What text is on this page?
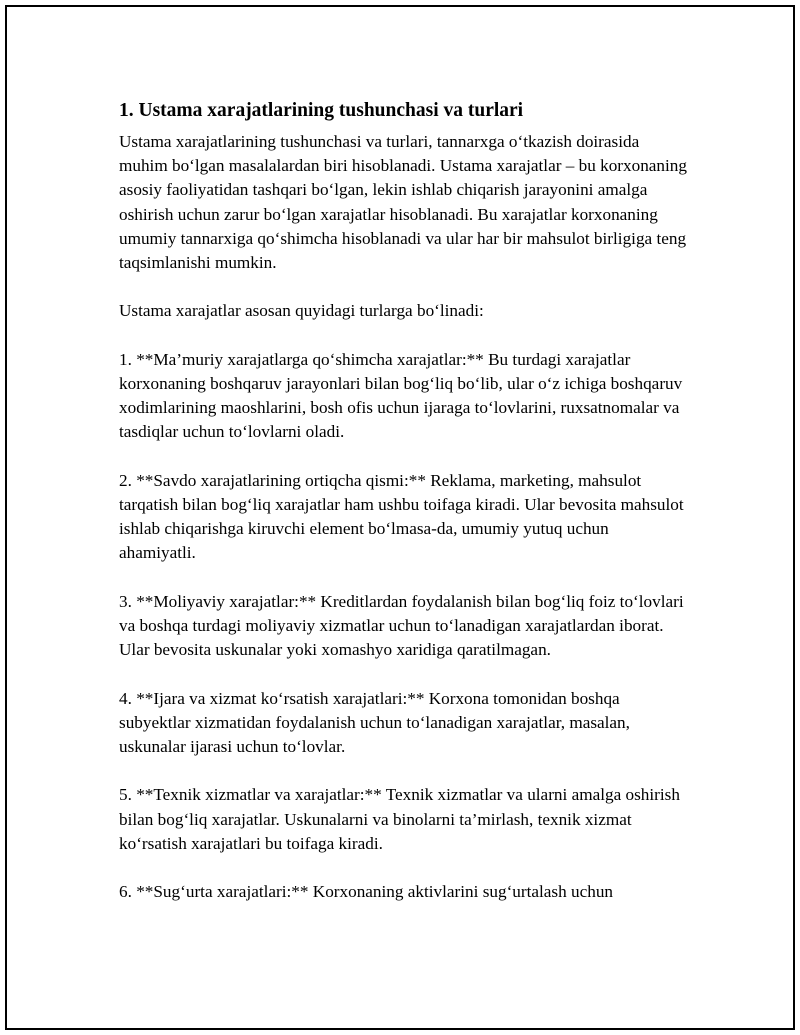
1. Ustama xarajatlarining tushunchasi va turlari

Ustama xarajatlarining tushunchasi va turlari, tannarxga o‘tkazish doirasida muhim bo‘lgan masalalardan biri hisoblanadi. Ustama xarajatlar – bu korxonaning asosiy faoliyatidan tashqari bo‘lgan, lekin ishlab chiqarish jarayonini amalga oshirish uchun zarur bo‘lgan xarajatlar hisoblanadi. Bu xarajatlar korxonaning umumiy tannarxiga qo‘shimcha hisoblanadi va ular har bir mahsulot birligiga teng taqsimlanishi mumkin.

Ustama xarajatlar asosan quyidagi turlarga bo‘linadi:

1. **Ma’muriy xarajatlarga qo‘shimcha xarajatlar:** Bu turdagi xarajatlar korxonaning boshqaruv jarayonlari bilan bog‘liq bo‘lib, ular o‘z ichiga boshqaruv xodimlarining maoshlarini, bosh ofis uchun ijaraga to‘lovlarini, ruxsatnomalar va tasdiqlar uchun to‘lovlarni oladi.

2. **Savdo xarajatlarining ortiqcha qismi:** Reklama, marketing, mahsulot tarqatish bilan bog‘liq xarajatlar ham ushbu toifaga kiradi. Ular bevosita mahsulot ishlab chiqarishga kiruvchi element bo‘lmasa-da, umumiy yutuq uchun ahamiyatli.

3. **Moliyaviy xarajatlar:** Kreditlardan foydalanish bilan bog‘liq foiz to‘lovlari va boshqa turdagi moliyaviy xizmatlar uchun to‘lanadigan xarajatlardan iborat. Ular bevosita uskunalar yoki xomashyo xaridiga qaratilmagan.

4. **Ijara va xizmat ko‘rsatish xarajatlari:** Korxona tomonidan boshqa subyektlar xizmatidan foydalanish uchun to‘lanadigan xarajatlar, masalan, uskunalar ijarasi uchun to‘lovlar.

5. **Texnik xizmatlar va xarajatlar:** Texnik xizmatlar va ularni amalga oshirish bilan bog‘liq xarajatlar. Uskunalarni va binolarni ta’mirlash, texnik xizmat ko‘rsatish xarajatlari bu toifaga kiradi.

6. **Sug‘urta xarajatlari:** Korxonaning aktivlarini sug‘urtalash uchun
